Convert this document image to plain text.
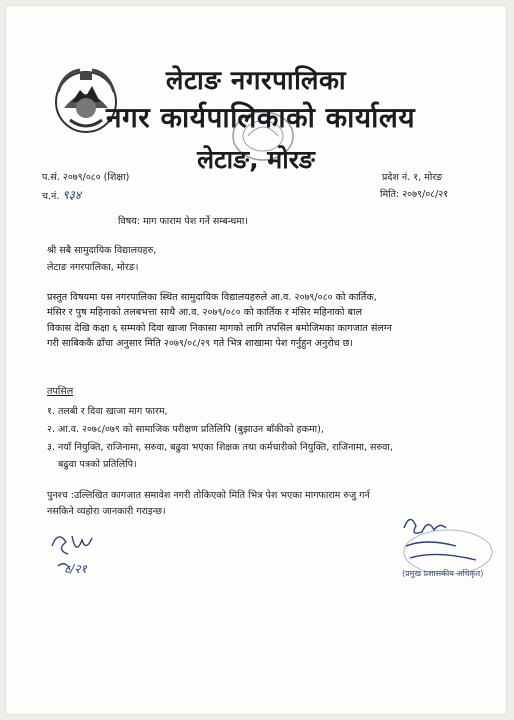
लेटाङ नगरपालिका
नगर कार्यपालिकाको कार्यालय
लेटाङ, मोरङ
प.सं. २०७९/०८० (शिक्षा)
च.नं. ९३४
प्रदेश नं. १, मोरङ
मिति: २०७९/०८/२१
विषय: माग फाराम पेश गर्ने सम्बन्धमा।
श्री सबै सामुदायिक विद्यालयहरु,
लेटाङ नगरपालिका, मोरङ।
प्रस्तुत विषयमा यस नगरपालिका स्थित सामुदायिक विद्यालयहरुले आ.व. २०७९/०८० को कार्तिक,
मंसिर र पुष महिनाको तलबभत्ता साथै आ.व. २०७९/०८० को कार्तिक र मंसिर महिनाको बाल
विकास देखि कक्षा ६ सम्मको दिवा खाजा निकासा मागको लागि तपसिल बमोजिमका कागजात संलग्न
गरी साबिककै ढाँचा अनुसार मिति २०७९/०८/२९ गते भित्र शाखामा पेश गर्नुहुन अनुरोध छ।
तपसिल
१. तलबी र दिवा खाजा माग फारम,
२. आ.व. २०७८/०७९ को सामाजिक परीक्षण प्रतिलिपि (बुझाउन बाँकीको हकमा),
३. नयाँ नियुक्ति, राजिनामा, सरुवा, बढुवा भएका शिक्षक तथा कर्मचारीको नियुक्ति, राजिनामा, सरुवा,
बढुवा पत्रको प्रतिलिपि।
पुनश्च :उल्लिखित कागजात समावेश नगरी तोकिएको मिति भित्र पेश भएका मागफाराम रुजु गर्न
नसकिने व्यहोरा जानकारी गराइन्छ।
८/२१	(प्रमुख प्रशासकीय अधिकृत)
